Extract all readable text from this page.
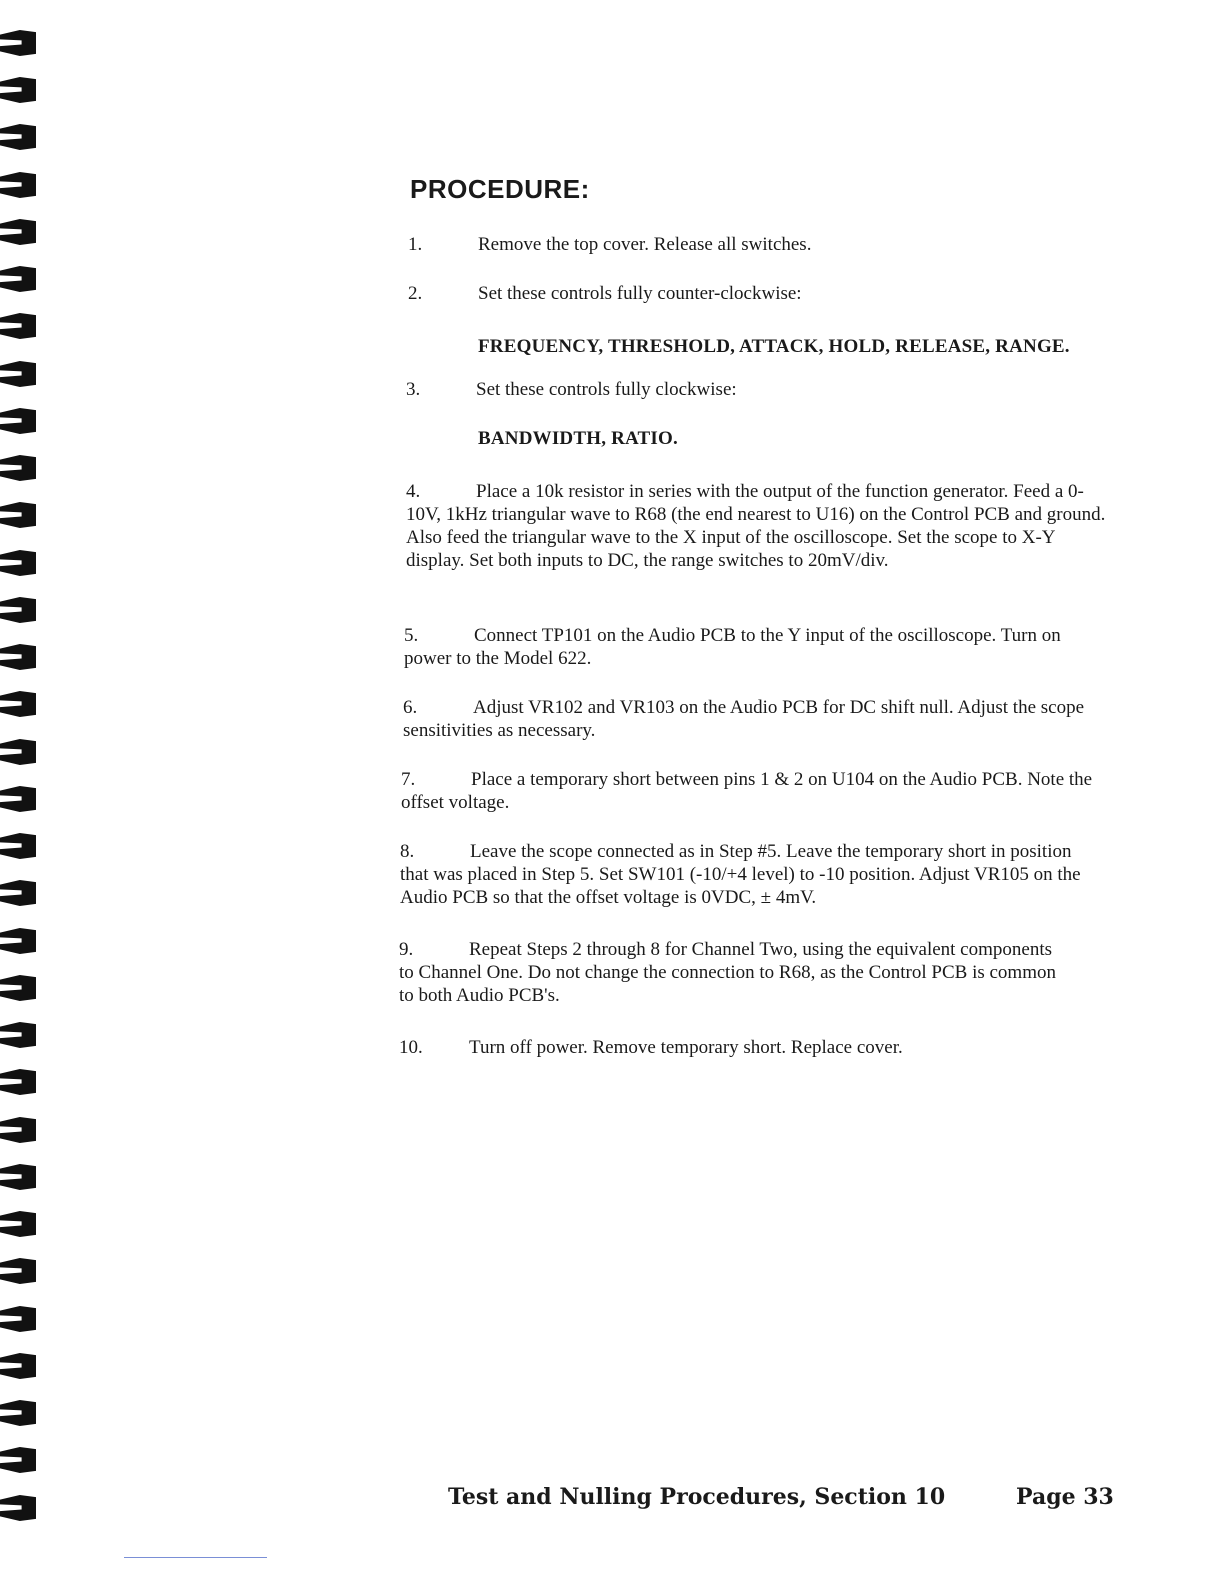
PROCEDURE:
1.	Remove the top cover. Release all switches.
2.	Set these controls fully counter-clockwise:
FREQUENCY, THRESHOLD, ATTACK, HOLD, RELEASE, RANGE.
3.	Set these controls fully clockwise:
BANDWIDTH, RATIO.
4.	Place a 10k resistor in series with the output of the function generator. Feed a 0-10V, 1kHz triangular wave to R68 (the end nearest to U16) on the Control PCB and ground. Also feed the triangular wave to the X input of the oscilloscope. Set the scope to X-Y display. Set both inputs to DC, the range switches to 20mV/div.
5.	Connect TP101 on the Audio PCB to the Y input of the oscilloscope. Turn on power to the Model 622.
6.	Adjust VR102 and VR103 on the Audio PCB for DC shift null. Adjust the scope sensitivities as necessary.
7.	Place a temporary short between pins 1 & 2 on U104 on the Audio PCB. Note the offset voltage.
8.	Leave the scope connected as in Step #5. Leave the temporary short in position that was placed in Step 5. Set SW101 (-10/+4 level) to -10 position. Adjust VR105 on the Audio PCB so that the offset voltage is 0VDC, ± 4mV.
9.	Repeat Steps 2 through 8 for Channel Two, using the equivalent components to Channel One. Do not change the connection to R68, as the Control PCB is common to both Audio PCB's.
10. Turn off power. Remove temporary short. Replace cover.
Test and Nulling Procedures, Section 10	Page 33
